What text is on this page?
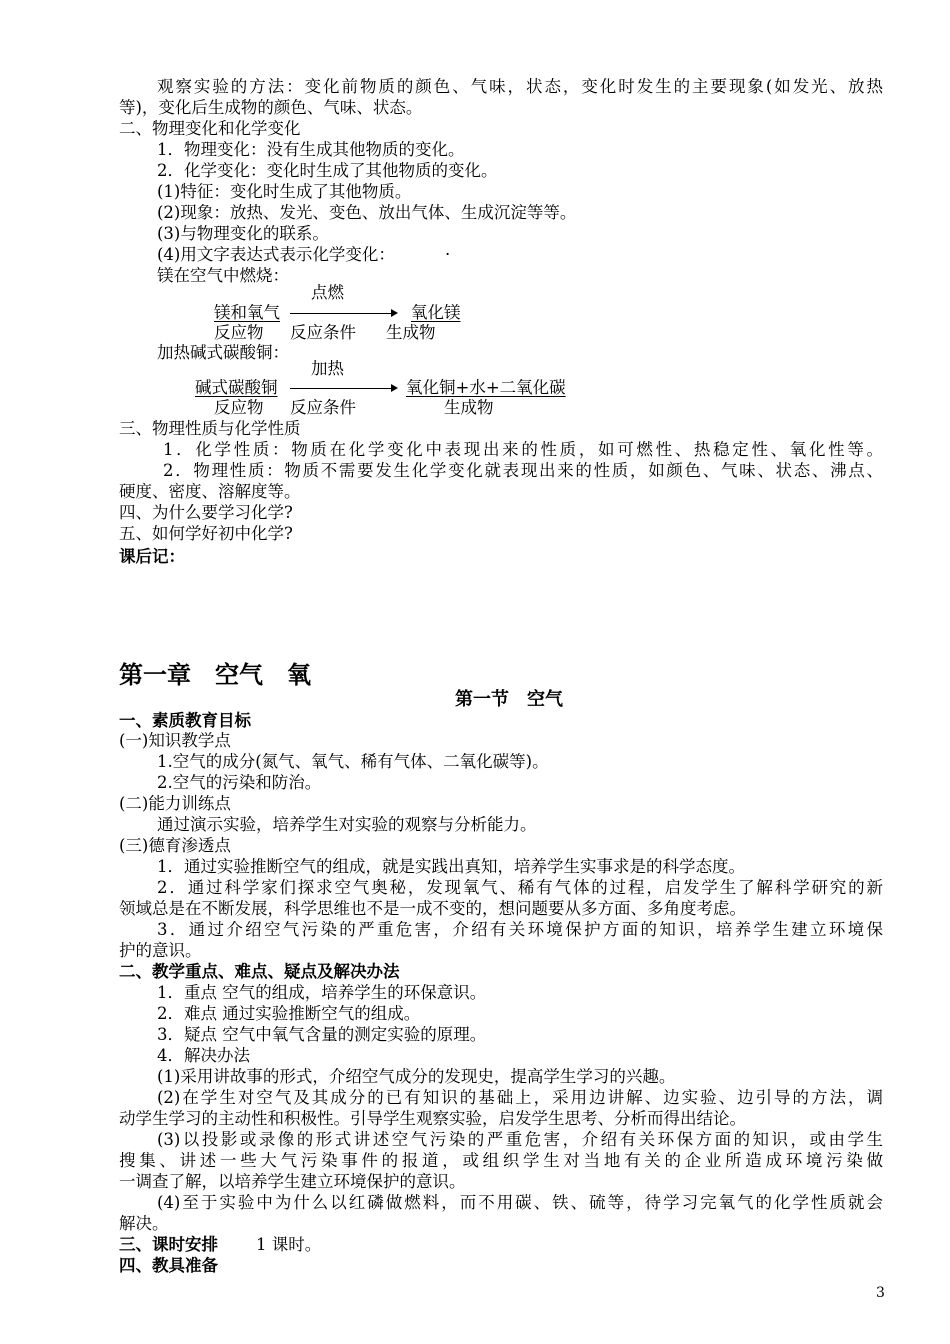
观察实验的方法：变化前物质的颜色、气味，状态，变化时发生的主要现象(如发光、放热
等)，变化后生成物的颜色、气味、状态。
二、物理变化和化学变化
1．物理变化：没有生成其他物质的变化。
2．化学变化：变化时生成了其他物质的变化。
(1)特征：变化时生成了其他物质。
(2)现象：放热、发光、变色、放出气体、生成沉淀等等。
(3)与物理变化的联系。
(4)用文字表达式表示化学变化：	·
镁在空气中燃烧：
点燃
镁和氧气	氧化镁
反应物 反应条件 生成物
加热碱式碳酸铜：
加热
碱式碳酸铜	氧化铜+水+二氧化碳
反应物 反应条件	生成物
三、物理性质与化学性质
1．化学性质：物质在化学变化中表现出来的性质，如可燃性、热稳定性、氧化性等。
2．物理性质：物质不需要发生化学变化就表现出来的性质，如颜色、气味、状态、沸点、
硬度、密度、溶解度等。
四、为什么要学习化学?
五、如何学好初中化学?
课后记：
第一章　空气　氧
第一节　空气
一、素质教育目标
(一)知识教学点
1.空气的成分(氮气、氧气、稀有气体、二氧化碳等)。
2.空气的污染和防治。
(二)能力训练点
通过演示实验，培养学生对实验的观察与分析能力。
(三)德育渗透点
1．通过实验推断空气的组成，就是实践出真知，培养学生实事求是的科学态度。
2．通过科学家们探求空气奥秘，发现氧气、稀有气体的过程，启发学生了解科学研究的新
领域总是在不断发展，科学思维也不是一成不变的，想问题要从多方面、多角度考虑。
3．通过介绍空气污染的严重危害，介绍有关环境保护方面的知识，培养学生建立环境保
护的意识。
二、教学重点、难点、疑点及解决办法
1．重点 空气的组成，培养学生的环保意识。
2．难点 通过实验推断空气的组成。
3．疑点 空气中氧气含量的测定实验的原理。
4．解决办法
(1)采用讲故事的形式，介绍空气成分的发现史，提高学生学习的兴趣。
(2)在学生对空气及其成分的已有知识的基础上，采用边讲解、边实验、边引导的方法，调
动学生学习的主动性和积极性。引导学生观察实验，启发学生思考、分析而得出结论。
(3)以投影或录像的形式讲述空气污染的严重危害，介绍有关环保方面的知识，或由学生
搜集、讲述一些大气污染事件的报道，或组织学生对当地有关的企业所造成环境污染做
一调查了解，以培养学生建立环境保护的意识。
(4)至于实验中为什么以红磷做燃料，而不用碳、铁、硫等，待学习完氧气的化学性质就会
解决。
三、课时安排 1 课时。
四、教具准备
3
